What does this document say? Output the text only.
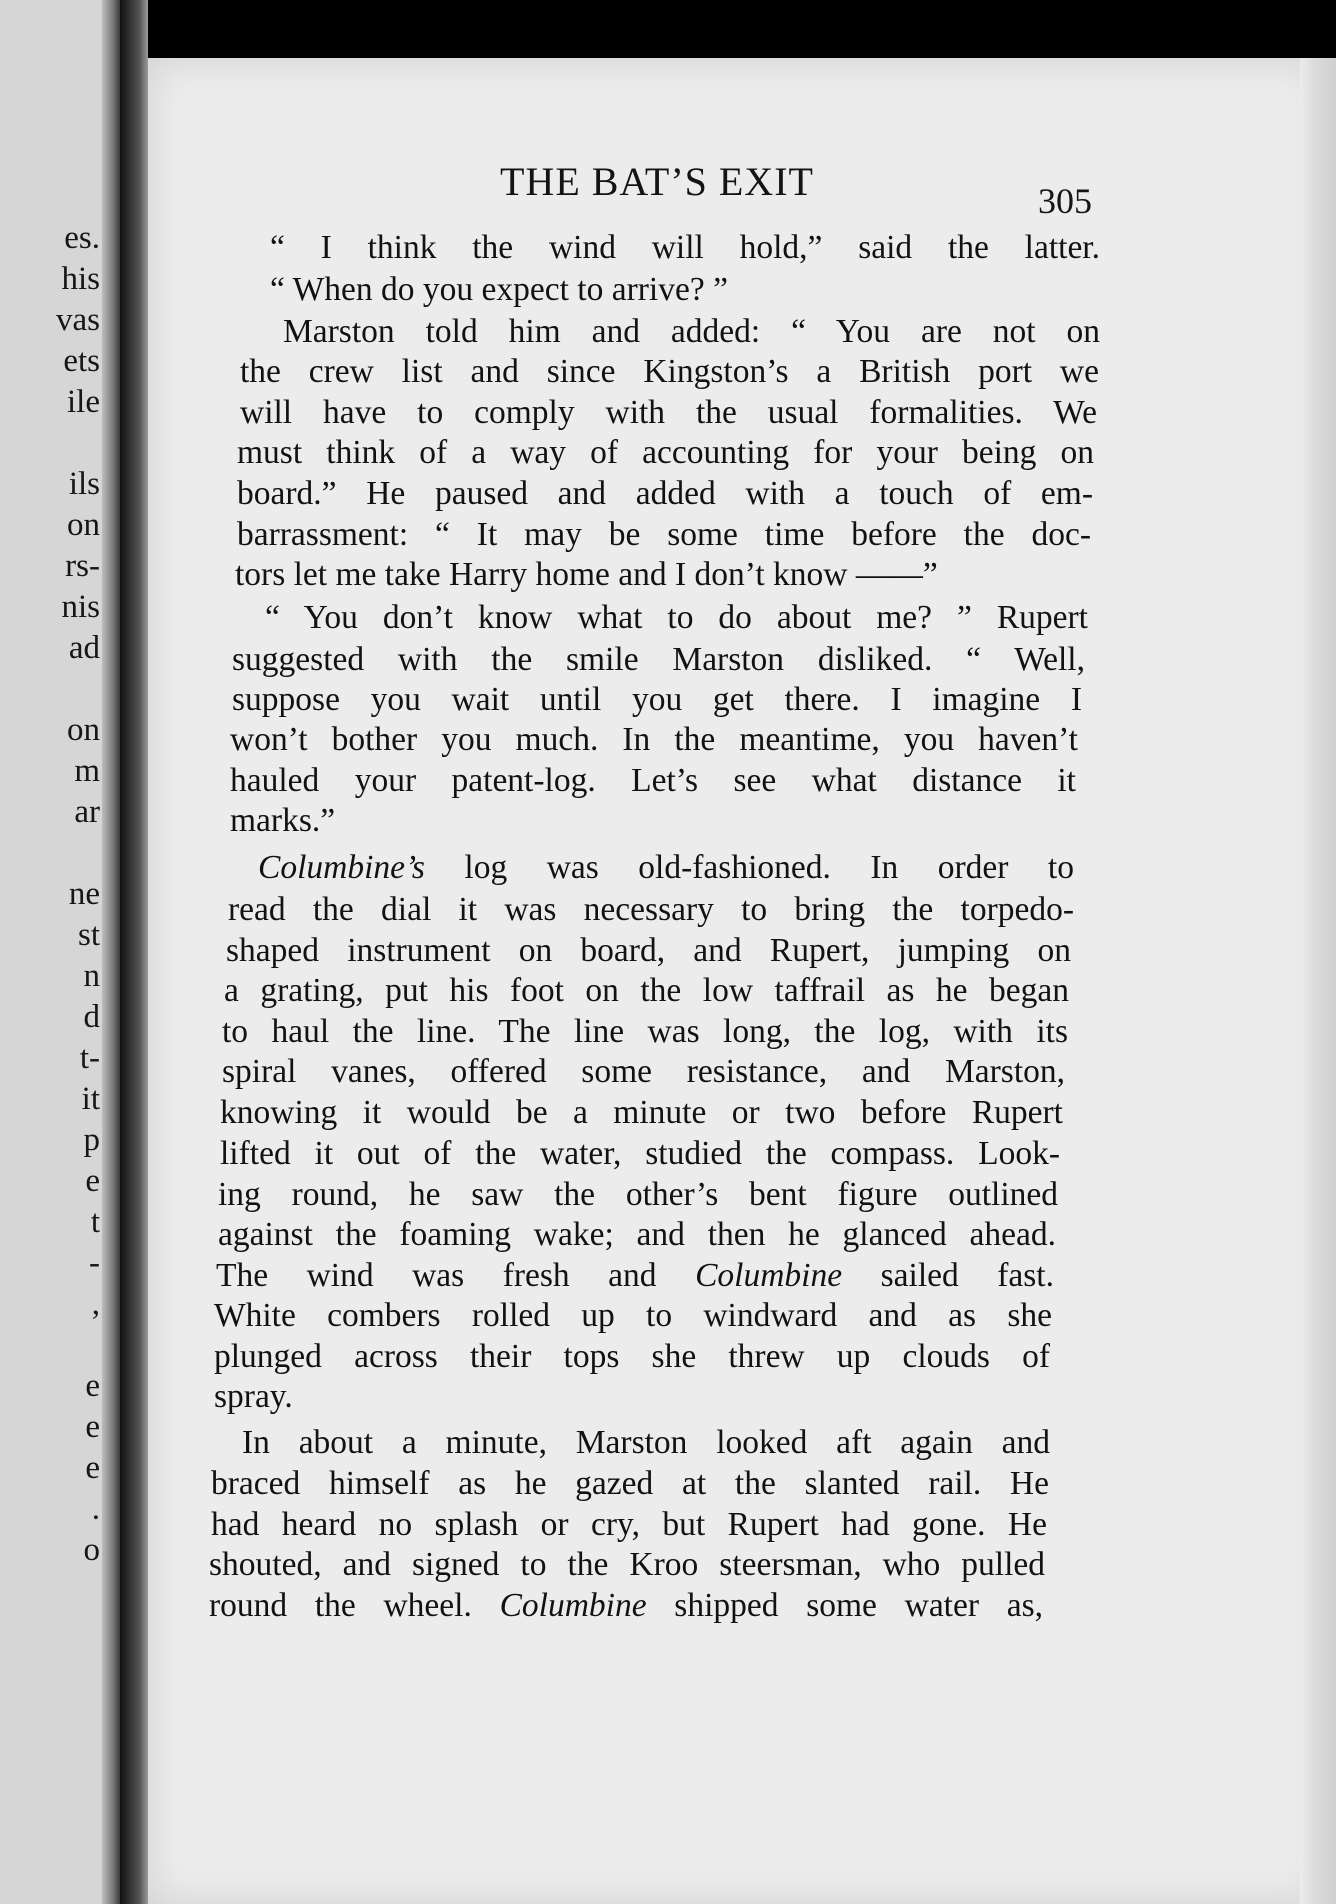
es.
his
vas
ets
ile
ils
on
rs-
nis
ad
on
m
ar
ne
st
n
d
t-
it
p
e
t
-
,
e
e
e
.
o
THE BAT’S EXIT	305
“ I think the wind will hold,” said the latter.
“ When do you expect to arrive? ”
Marston told him and added: “ You are not on
the crew list and since Kingston’s a British port we
will have to comply with the usual formalities. We
must think of a way of accounting for your being on
board.” He paused and added with a touch of em-
barrassment: “ It may be some time before the doc-
tors let me take Harry home and I don’t know ——”
“ You don’t know what to do about me? ” Rupert
suggested with the smile Marston disliked. “ Well,
suppose you wait until you get there. I imagine I
won’t bother you much. In the meantime, you haven’t
hauled your patent-log. Let’s see what distance it
marks.”
Columbine’s log was old-fashioned. In order to
read the dial it was necessary to bring the torpedo-
shaped instrument on board, and Rupert, jumping on
a grating, put his foot on the low taffrail as he began
to haul the line. The line was long, the log, with its
spiral vanes, offered some resistance, and Marston,
knowing it would be a minute or two before Rupert
lifted it out of the water, studied the compass. Look-
ing round, he saw the other’s bent figure outlined
against the foaming wake; and then he glanced ahead.
The wind was fresh and Columbine sailed fast.
White combers rolled up to windward and as she
plunged across their tops she threw up clouds of
spray.
In about a minute, Marston looked aft again and
braced himself as he gazed at the slanted rail. He
had heard no splash or cry, but Rupert had gone. He
shouted, and signed to the Kroo steersman, who pulled
round the wheel. Columbine shipped some water as,
